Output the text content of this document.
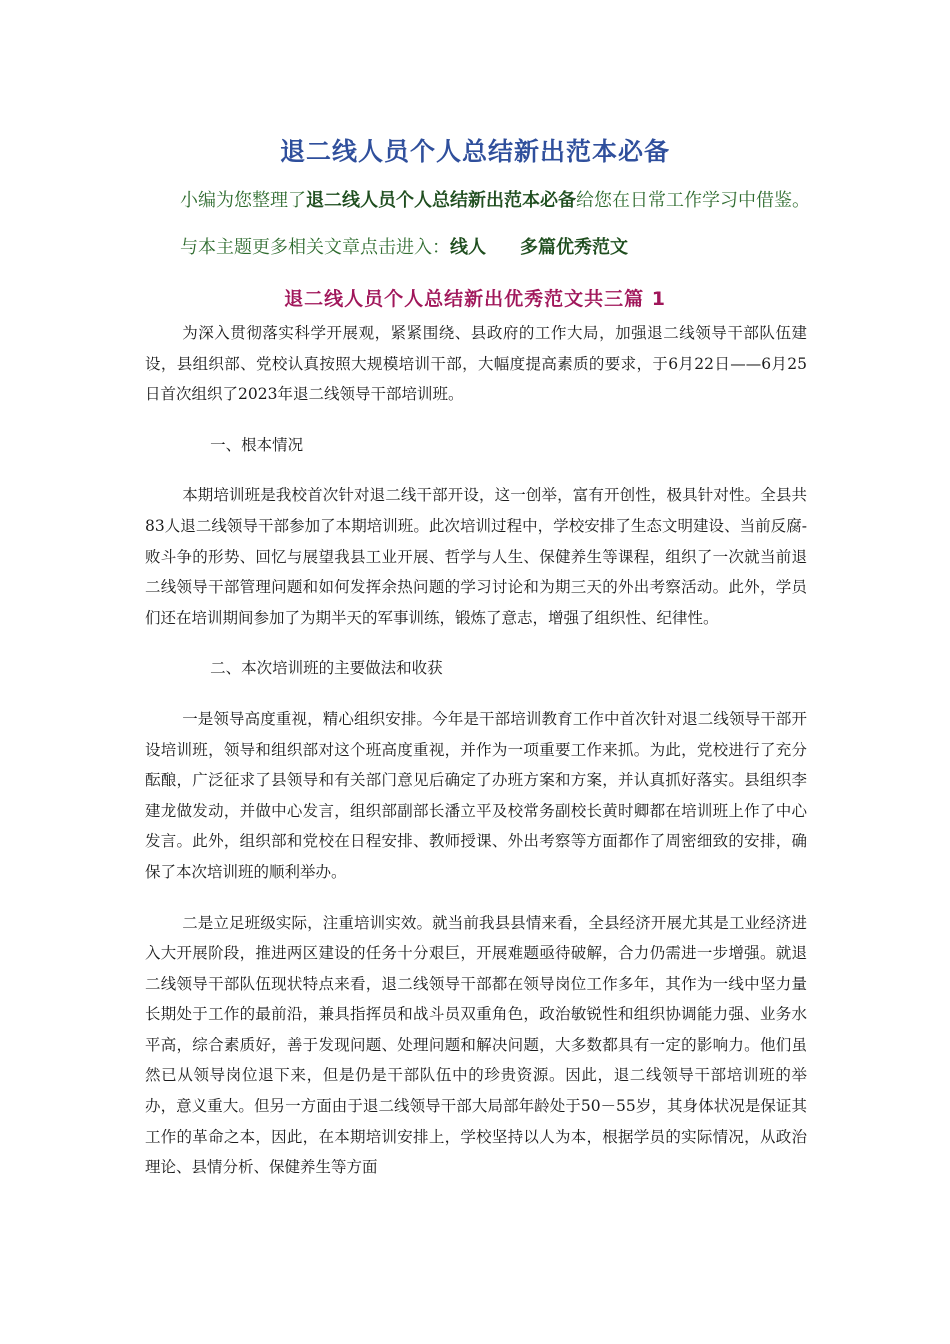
退二线人员个人总结新出范本必备
小编为您整理了退二线人员个人总结新出范本必备给您在日常工作学习中借鉴。
与本主题更多相关文章点击进入：线人 多篇优秀范文
退二线人员个人总结新出优秀范文共三篇 1

为深入贯彻落实科学开展观，紧紧围绕、县政府的工作大局，加强退二线领导干部队伍建设，县组织部、党校认真按照大规模培训干部，大幅度提高素质的要求，于6月22日——6月25日首次组织了2023年退二线领导干部培训班。

一、根本情况

本期培训班是我校首次针对退二线干部开设，这一创举，富有开创性，极具针对性。全县共83人退二线领导干部参加了本期培训班。此次培训过程中，学校安排了生态文明建设、当前反腐-败斗争的形势、回忆与展望我县工业开展、哲学与人生、保健养生等课程，组织了一次就当前退二线领导干部管理问题和如何发挥余热问题的学习讨论和为期三天的外出考察活动。此外，学员们还在培训期间参加了为期半天的军事训练，锻炼了意志，增强了组织性、纪律性。

二、本次培训班的主要做法和收获

一是领导高度重视，精心组织安排。今年是干部培训教育工作中首次针对退二线领导干部开设培训班，领导和组织部对这个班高度重视，并作为一项重要工作来抓。为此，党校进行了充分酝酿，广泛征求了县领导和有关部门意见后确定了办班方案和方案，并认真抓好落实。县组织李建龙做发动，并做中心发言，组织部副部长潘立平及校常务副校长黄时卿都在培训班上作了中心发言。此外，组织部和党校在日程安排、教师授课、外出考察等方面都作了周密细致的安排，确保了本次培训班的顺利举办。

二是立足班级实际，注重培训实效。就当前我县县情来看，全县经济开展尤其是工业经济进入大开展阶段，推进两区建设的任务十分艰巨，开展难题亟待破解，合力仍需进一步增强。就退二线领导干部队伍现状特点来看，退二线领导干部都在领导岗位工作多年，其作为一线中坚力量长期处于工作的最前沿，兼具指挥员和战斗员双重角色，政治敏锐性和组织协调能力强、业务水平高，综合素质好，善于发现问题、处理问题和解决问题，大多数都具有一定的影响力。他们虽然已从领导岗位退下来，但是仍是干部队伍中的珍贵资源。因此，退二线领导干部培训班的举办，意义重大。但另一方面由于退二线领导干部大局部年龄处于50－55岁，其身体状况是保证其工作的革命之本，因此，在本期培训安排上，学校坚持以人为本，根据学员的实际情况，从政治理论、县情分析、保健养生等方面
